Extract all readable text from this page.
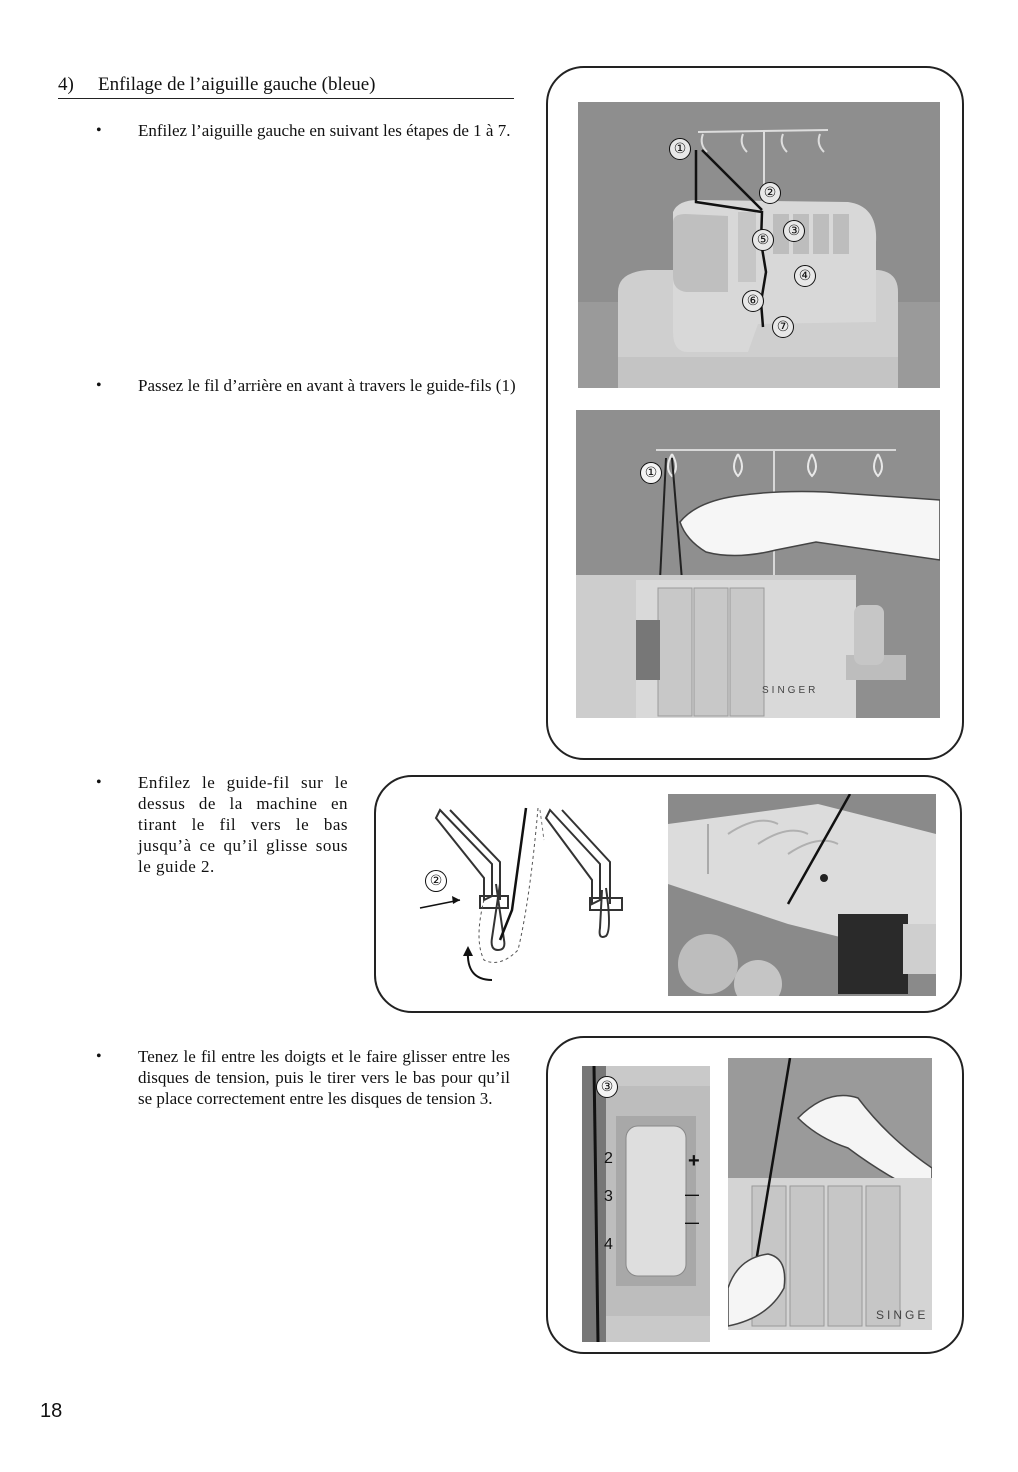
4) Enfilage de l’aiguille gauche (bleue)
• Enfilez l’aiguille gauche en suivant les étapes de 1 à 7.
• Passez le fil d’arrière en avant à travers le guide-fils (1)
• Enfilez le guide-fil sur le dessus de la machine en tirant le fil vers le bas jusqu’à ce qu’il glisse sous le guide 2.
• Tenez le fil entre les doigts et le faire glisser entre les disques de tension, puis le tirer vers le bas pour qu’il se place correctement entre les disques de tension 3.
①
②
③
⑤
④
⑥
⑦
①
SINGER
②
③
2
3
4
+
—
—
SINGE
18
